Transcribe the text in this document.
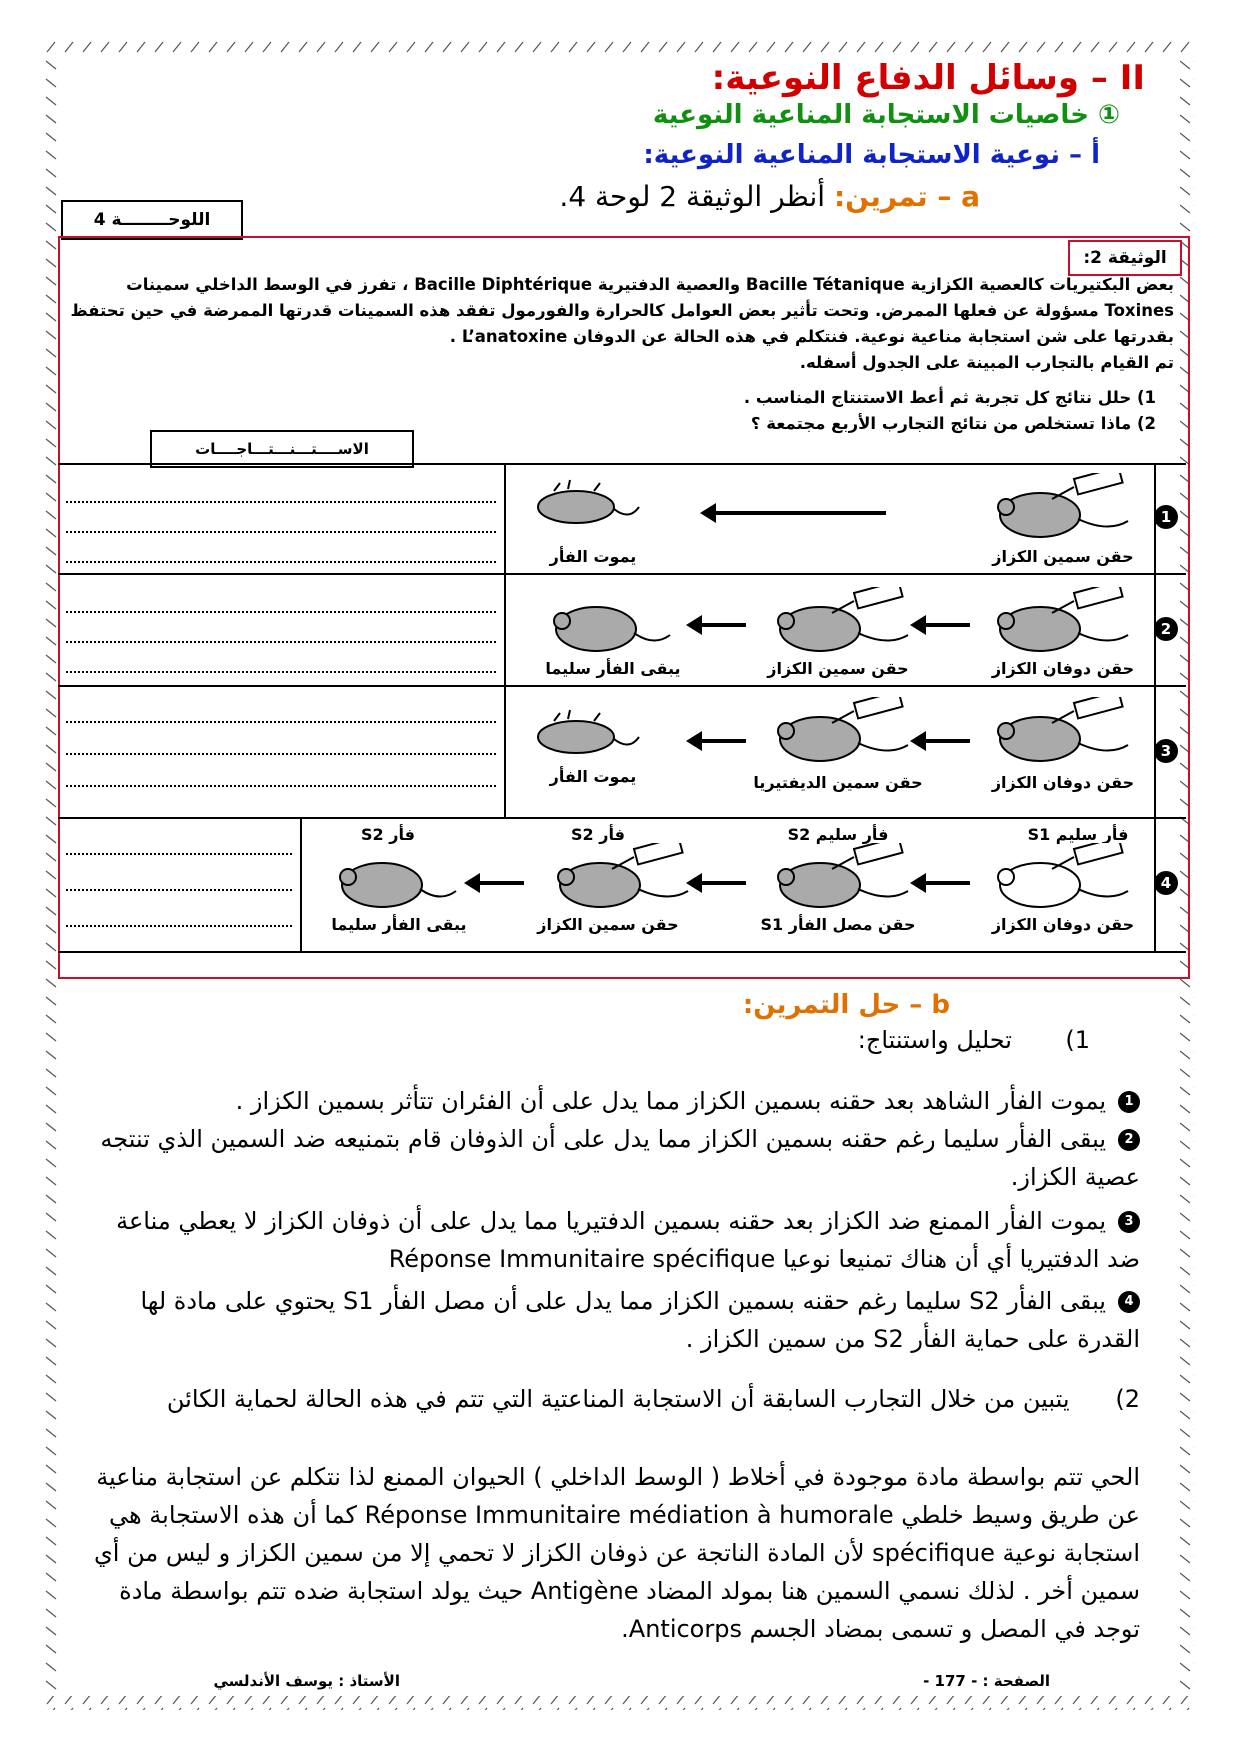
II – وسائل الدفاع النوعية:
① خاصيات الاستجابة المناعية النوعية
أ – نوعية الاستجابة المناعية النوعية:
a – تمرين: أنظر الوثيقة 2 لوحة 4.
اللوحــــــــة 4
الوثيقة 2:

بعض البكتيريات كالعصية الكزازية Bacille Tétanique والعصية الدفتيرية Bacille Diphtérique ، تفرز في الوسط الداخلي سمينات Toxines مسؤولة عن فعلها الممرض. وتحت تأثير بعض العوامل كالحرارة والفورمول تفقد هذه السمينات قدرتها الممرضة في حين تحتفظ بقدرتها على شن استجابة مناعية نوعية. فنتكلم في هذه الحالة عن الدوفان L’anatoxine .

تم القيام بالتجارب المبينة على الجدول أسفله.

1) حلل نتائج كل تجربة ثم أعط الاستنتاج المناسب .
2) ماذا تستخلص من نتائج التجارب الأربع مجتمعة ؟
الاســــتـــنـــتـــاجــــات
1
2
3
4
حقن سمين الكزاز
يموت الفأر
حقن دوفان الكزاز
حقن سمين الكزاز
يبقى الفأر سليما
حقن دوفان الكزاز
حقن سمين الديفتيريا
يموت الفأر
فأر سليم S1
فأر سليم S2
فأر S2
فأر S2
حقن دوفان الكزاز
حقن مصل الفأر S1
حقن سمين الكزاز
يبقى الفأر سليما
b – حل التمرين:
1)       تحليل واستنتاج:
1يموت الفأر الشاهد بعد حقنه بسمين الكزاز مما يدل على أن الفئران تتأثر بسمين الكزاز .
2يبقى الفأر سليما رغم حقنه بسمين الكزاز مما يدل على أن الذوفان قام بتمنيعه ضد السمين الذي تنتجه عصية الكزاز.
3يموت الفأر الممنع ضد الكزاز بعد حقنه بسمين الدفتيريا مما يدل على أن ذوفان الكزاز لا يعطي مناعة ضد الدفتيريا أي أن هناك تمنيعا نوعيا Réponse Immunitaire spécifique
4يبقى الفأر S2 سليما رغم حقنه بسمين الكزاز مما يدل على أن مصل الفأر S1 يحتوي على مادة لها القدرة على حماية الفأر S2 من سمين الكزاز .
2)      يتبين من خلال التجارب السابقة أن الاستجابة المناعتية التي تتم في هذه الحالة لحماية الكائن
الحي تتم بواسطة مادة موجودة في أخلاط ( الوسط الداخلي ) الحيوان الممنع لذا نتكلم عن استجابة مناعية عن طريق وسيط خلطي Réponse Immunitaire médiation à humorale كما أن هذه الاستجابة هي استجابة نوعية spécifique لأن المادة الناتجة عن ذوفان الكزاز لا تحمي إلا من سمين الكزاز و ليس من أي سمين أخر . لذلك نسمي السمين هنا بمولد المضاد Antigène حيث يولد استجابة ضده تتم بواسطة مادة توجد في المصل و تسمى بمضاد الجسم Anticorps.
الصفحة : - 177 -
الأستاذ : يوسف الأندلسي
